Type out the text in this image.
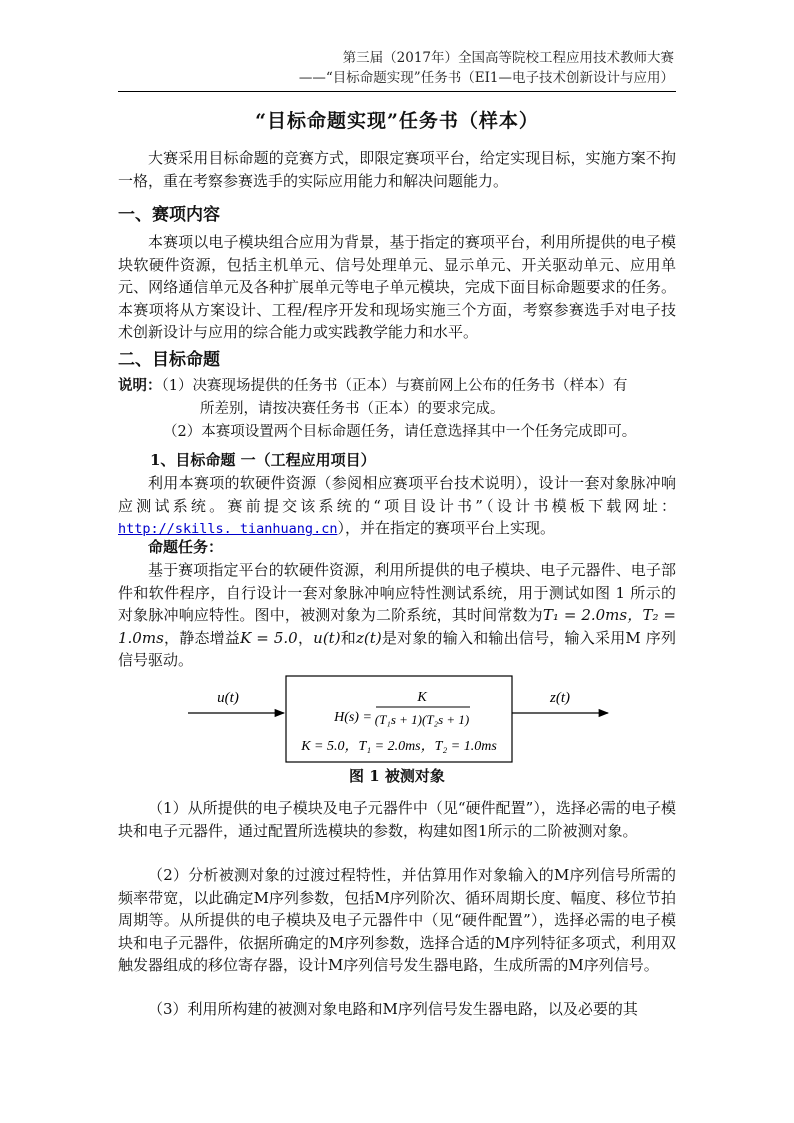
第三届（2017年）全国高等院校工程应用技术教师大赛
——“目标命题实现”任务书（EI1—电子技术创新设计与应用）
“目标命题实现”任务书（样本）

大赛采用目标命题的竞赛方式，即限定赛项平台，给定实现目标，实施方案不拘一格，重在考察参赛选手的实际应用能力和解决问题能力。

一、赛项内容

本赛项以电子模块组合应用为背景，基于指定的赛项平台，利用所提供的电子模块软硬件资源，包括主机单元、信号处理单元、显示单元、开关驱动单元、应用单元、网络通信单元及各种扩展单元等电子单元模块，完成下面目标命题要求的任务。本赛项将从方案设计、工程/程序开发和现场实施三个方面，考察参赛选手对电子技术创新设计与应用的综合能力或实践教学能力和水平。

二、目标命题
说明：（1）决赛现场提供的任务书（正本）与赛前网上公布的任务书（样本）有
所差别，请按决赛任务书（正本）的要求完成。
（2）本赛项设置两个目标命题任务，请任意选择其中一个任务完成即可。
1、目标命题 一（工程应用项目）

利用本赛项的软硬件资源（参阅相应赛项平台技术说明），设计一套对象脉冲响应测试系统。赛前提交该系统的“项目设计书”（设计书模板下载网址：http://skills. tianhuang.cn），并在指定的赛项平台上实现。

命题任务：

基于赛项指定平台的软硬件资源，利用所提供的电子模块、电子元器件、电子部件和软件程序，自行设计一套对象脉冲响应特性测试系统，用于测试如图 1 所示的对象脉冲响应特性。图中，被测对象为二阶系统，其时间常数为T₁ = 2.0ms，T₂ = 1.0ms，静态增益K = 5.0，u(t)和z(t)是对象的输入和输出信号，输入采用M 序列信号驱动。

u(t)
H(s) =
K
(T₁s + 1)(T₂s + 1)
K = 5.0，T₁ = 2.0ms，T₂ = 1.0ms
z(t)
图 1 被测对象

（1）从所提供的电子模块及电子元器件中（见“硬件配置”），选择必需的电子模块和电子元器件，通过配置所选模块的参数，构建如图1所示的二阶被测对象。

（2）分析被测对象的过渡过程特性，并估算用作对象输入的M序列信号所需的频率带宽，以此确定M序列参数，包括M序列阶次、循环周期长度、幅度、移位节拍周期等。从所提供的电子模块及电子元器件中（见“硬件配置”），选择必需的电子模块和电子元器件，依据所确定的M序列参数，选择合适的M序列特征多项式，利用双触发器组成的移位寄存器，设计M序列信号发生器电路，生成所需的M序列信号。

（3）利用所构建的被测对象电路和M序列信号发生器电路，以及必要的其
